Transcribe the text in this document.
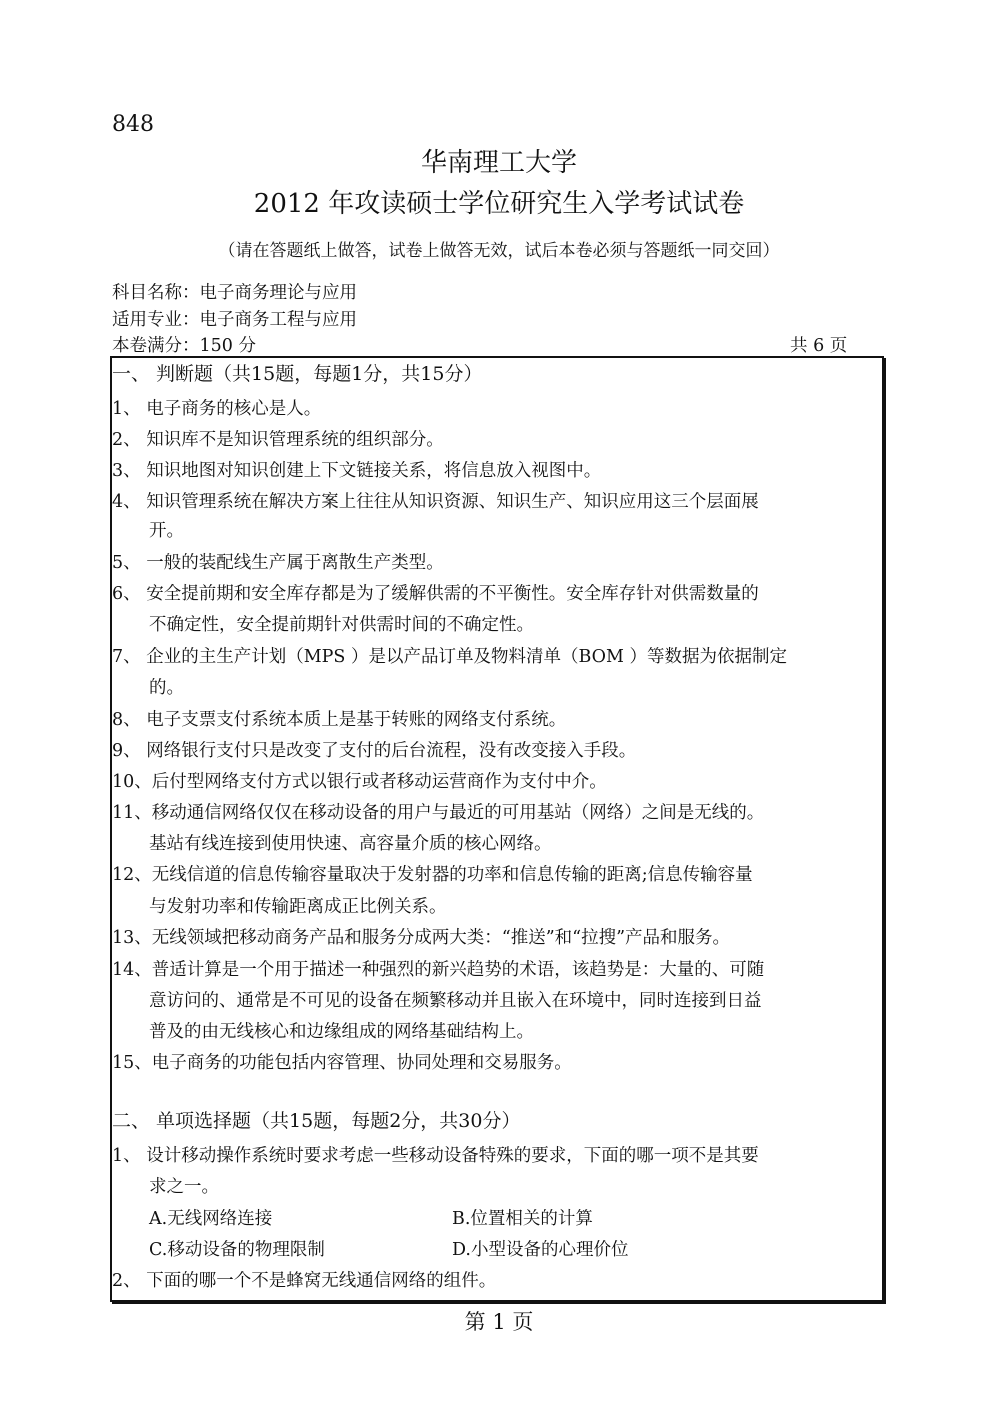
848
华南理工大学
2012 年攻读硕士学位研究生入学考试试卷
（请在答题纸上做答，试卷上做答无效，试后本卷必须与答题纸一同交回）
科目名称：电子商务理论与应用
适用专业：电子商务工程与应用
本卷满分：150 分	共 6 页
一、 判断题（共15题，每题1分，共15分）
1、 电子商务的核心是人。
2、 知识库不是知识管理系统的组织部分。
3、 知识地图对知识创建上下文链接关系，将信息放入视图中。
4、 知识管理系统在解决方案上往往从知识资源、知识生产、知识应用这三个层面展
开。
5、 一般的装配线生产属于离散生产类型。
6、 安全提前期和安全库存都是为了缓解供需的不平衡性。安全库存针对供需数量的
不确定性，安全提前期针对供需时间的不确定性。
7、 企业的主生产计划（MPS ）是以产品订单及物料清单（BOM ）等数据为依据制定
的。
8、 电子支票支付系统本质上是基于转账的网络支付系统。
9、 网络银行支付只是改变了支付的后台流程，没有改变接入手段。
10、后付型网络支付方式以银行或者移动运营商作为支付中介。
11、移动通信网络仅仅在移动设备的用户与最近的可用基站（网络）之间是无线的。
基站有线连接到使用快速、高容量介质的核心网络。
12、无线信道的信息传输容量取决于发射器的功率和信息传输的距离;信息传输容量
与发射功率和传输距离成正比例关系。
13、无线领域把移动商务产品和服务分成两大类：“推送”和“拉搜”产品和服务。
14、普适计算是一个用于描述一种强烈的新兴趋势的术语，该趋势是：大量的、可随
意访问的、通常是不可见的设备在频繁移动并且嵌入在环境中，同时连接到日益
普及的由无线核心和边缘组成的网络基础结构上。
15、电子商务的功能包括内容管理、协同处理和交易服务。
二、 单项选择题（共15题，每题2分，共30分）
1、 设计移动操作系统时要求考虑一些移动设备特殊的要求，下面的哪一项不是其要
求之一。
A.无线网络连接	B.位置相关的计算
C.移动设备的物理限制	D.小型设备的心理价位
2、 下面的哪一个不是蜂窝无线通信网络的组件。
第 1 页
